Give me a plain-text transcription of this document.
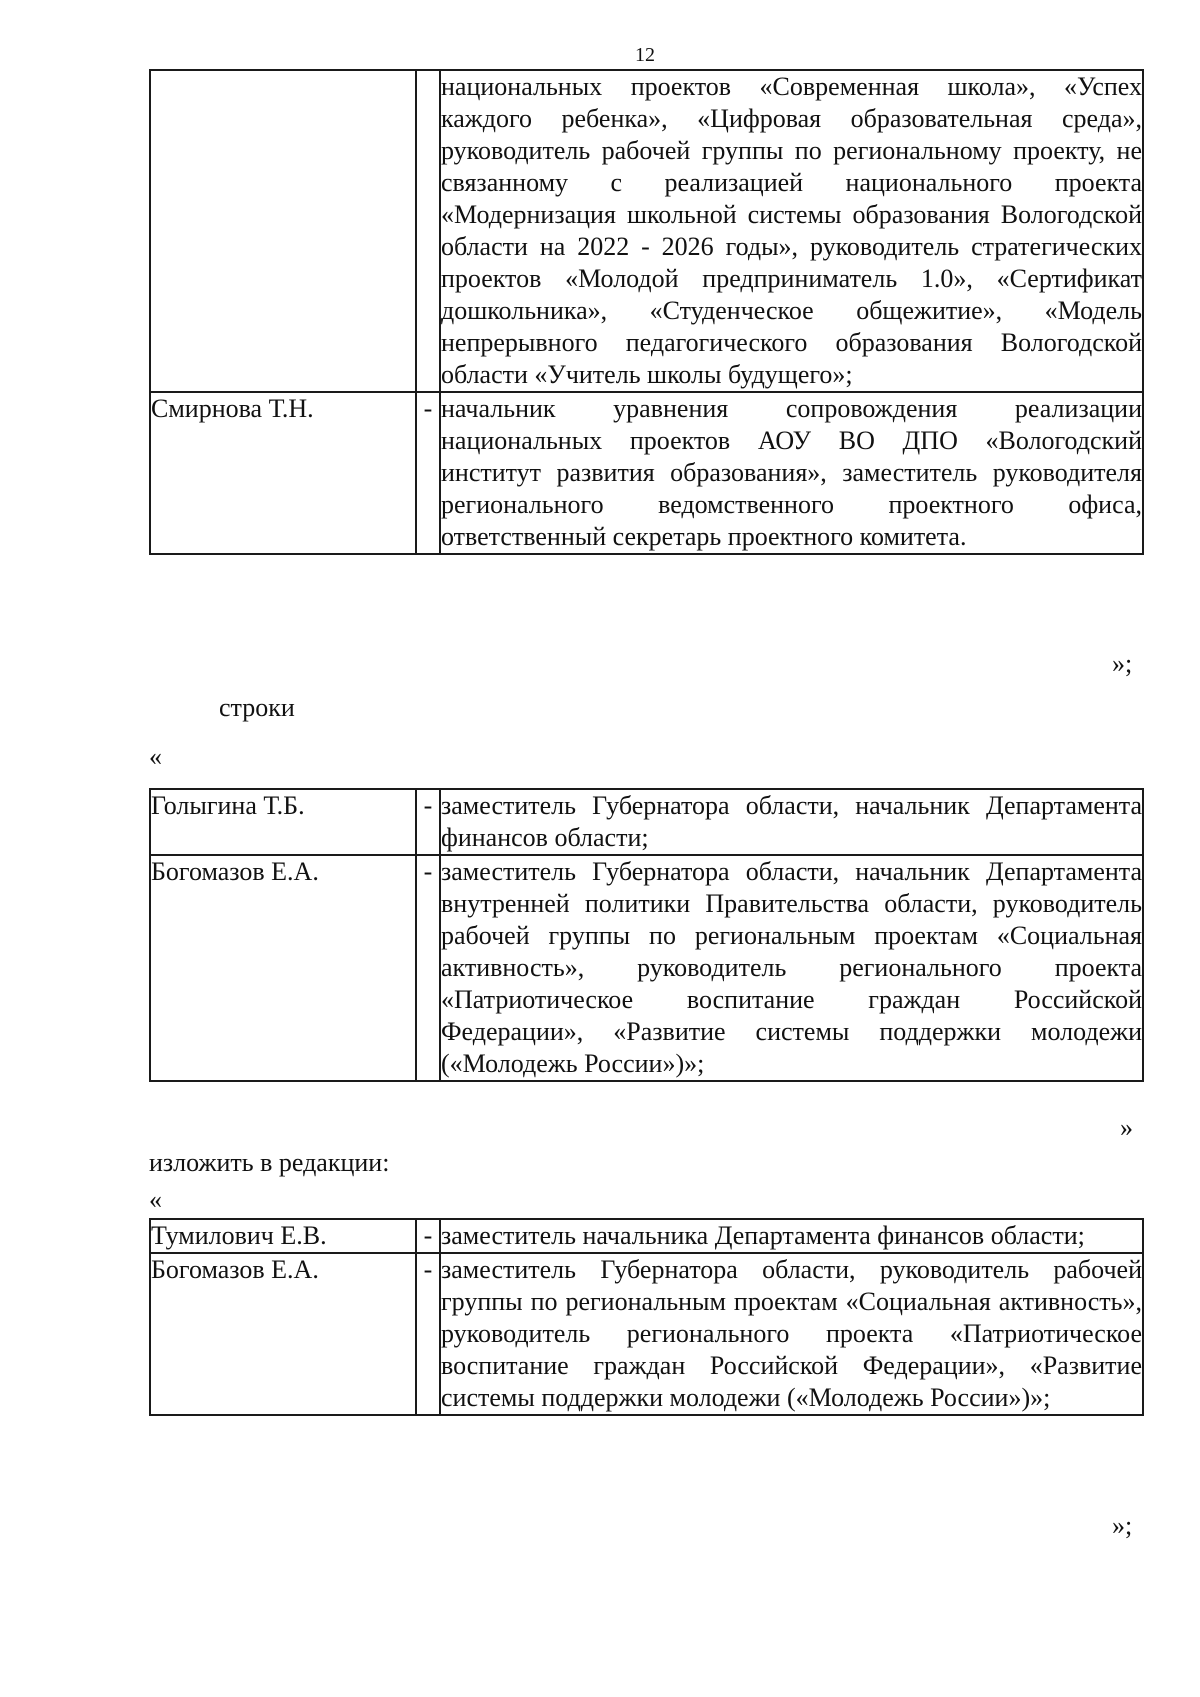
12
		национальных проектов «Современная школа», «Успех каждого ребенка», «Цифровая образовательная среда», руководитель рабочей группы по региональному проекту, не связанному с реализацией национального проекта «Модернизация школьной системы образования Вологодской области на 2022 - 2026 годы», руководитель стратегических проектов «Молодой предприниматель 1.0», «Сертификат дошкольника», «Студенческое общежитие», «Модель непрерывного педагогического образования Вологодской области «Учитель школы будущего»;
Смирнова Т.Н.	-	начальник уравнения сопровождения реализации национальных проектов АОУ ВО ДПО «Вологодский институт развития образования», заместитель руководителя регионального ведомственного проектного офиса, ответственный секретарь проектного комитета.
»;
строки
«
Голыгина Т.Б.	-	заместитель Губернатора области, начальник Департамента финансов области;
Богомазов Е.А.	-	заместитель Губернатора области, начальник Департамента внутренней политики Правительства области, руководитель рабочей группы по региональным проектам «Социальная активность», руководитель регионального проекта «Патриотическое воспитание граждан Российской Федерации», «Развитие системы поддержки молодежи («Молодежь России»)»;
»
изложить в редакции:
«
Тумилович Е.В.	-	заместитель начальника Департамента финансов области;
Богомазов Е.А.	-	заместитель Губернатора области, руководитель рабочей группы по региональным проектам «Социальная активность», руководитель регионального проекта «Патриотическое воспитание граждан Российской Федерации», «Развитие системы поддержки молодежи («Молодежь России»)»;
»;
